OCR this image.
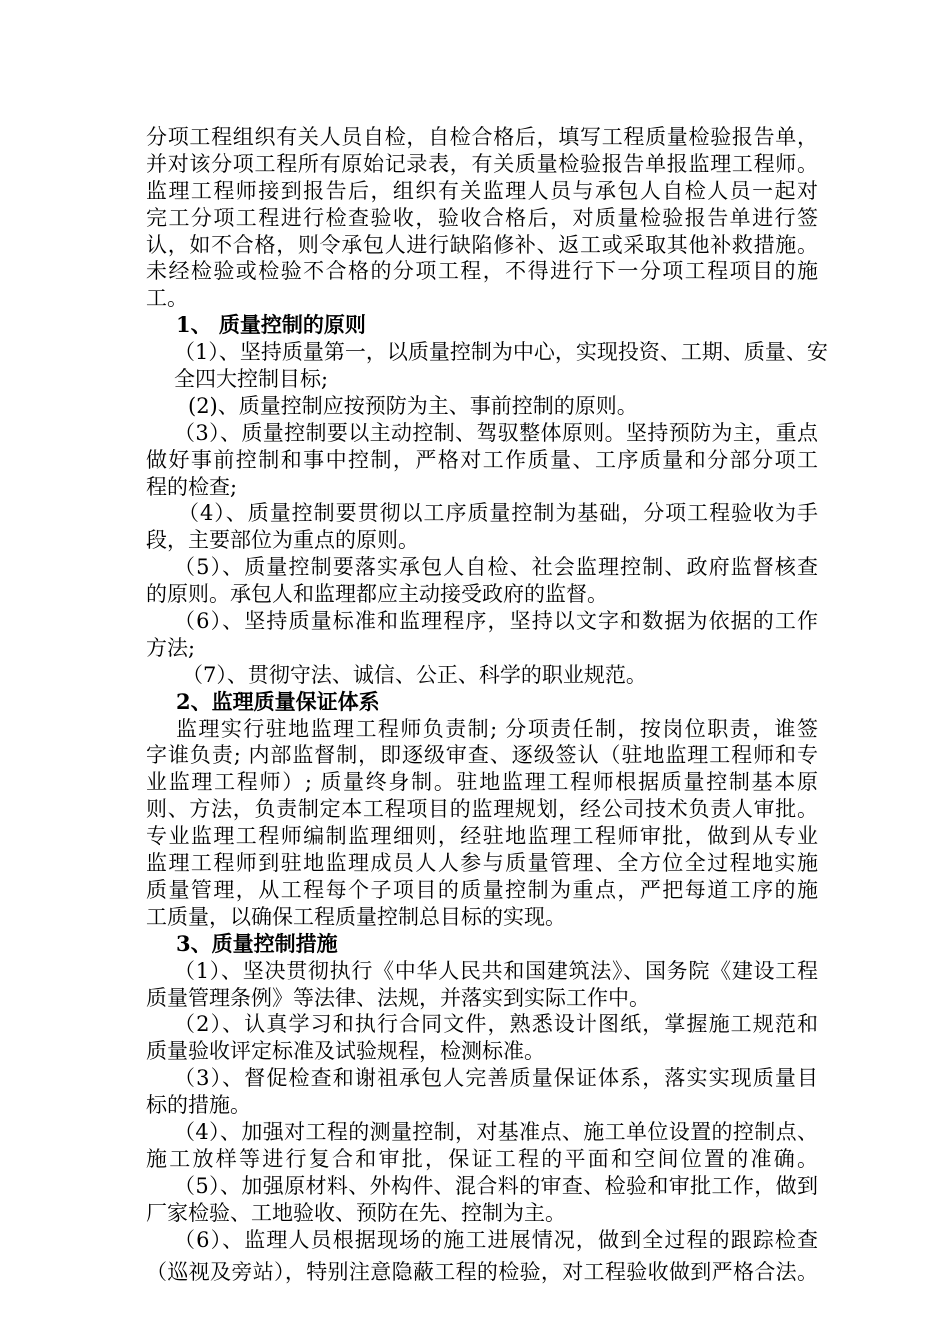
分项工程组织有关人员自检，自检合格后，填写工程质量检验报告单，
并对该分项工程所有原始记录表，有关质量检验报告单报监理工程师。
监理工程师接到报告后，组织有关监理人员与承包人自检人员一起对
完工分项工程进行检查验收，验收合格后，对质量检验报告单进行签
认，如不合格，则令承包人进行缺陷修补、返工或采取其他补救措施。
未经检验或检验不合格的分项工程，不得进行下一分项工程项目的施
工。
1、 质量控制的原则
（1）、坚持质量第一，以质量控制为中心，实现投资、工期、质量、安
全四大控制目标;
(2)、质量控制应按预防为主、事前控制的原则。
（3）、质量控制要以主动控制、驾驭整体原则。坚持预防为主，重点
做好事前控制和事中控制，严格对工作质量、工序质量和分部分项工
程的检查;
（4）、质量控制要贯彻以工序质量控制为基础，分项工程验收为手
段，主要部位为重点的原则。
（5）、质量控制要落实承包人自检、社会监理控制、政府监督核查
的原则。承包人和监理都应主动接受政府的监督。
（6）、坚持质量标准和监理程序，坚持以文字和数据为依据的工作
方法;
（7）、贯彻守法、诚信、公正、科学的职业规范。
2、监理质量保证体系
监理实行驻地监理工程师负责制; 分项责任制，按岗位职责，谁签
字谁负责; 内部监督制，即逐级审查、逐级签认（驻地监理工程师和专
业监理工程师）; 质量终身制。驻地监理工程师根据质量控制基本原
则、方法，负责制定本工程项目的监理规划，经公司技术负责人审批。
专业监理工程师编制监理细则，经驻地监理工程师审批，做到从专业
监理工程师到驻地监理成员人人参与质量管理、全方位全过程地实施
质量管理，从工程每个子项目的质量控制为重点，严把每道工序的施
工质量，以确保工程质量控制总目标的实现。
3、质量控制措施
（1）、坚决贯彻执行《中华人民共和国建筑法》、国务院《建设工程
质量管理条例》等法律、法规，并落实到实际工作中。
（2）、认真学习和执行合同文件，熟悉设计图纸，掌握施工规范和
质量验收评定标准及试验规程，检测标准。
（3）、督促检查和谢祖承包人完善质量保证体系，落实实现质量目
标的措施。
（4）、加强对工程的测量控制，对基准点、施工单位设置的控制点、
施工放样等进行复合和审批，保证工程的平面和空间位置的准确。
（5）、加强原材料、外构件、混合料的审查、检验和审批工作，做到
厂家检验、工地验收、预防在先、控制为主。
（6）、监理人员根据现场的施工进展情况，做到全过程的跟踪检查
（巡视及旁站），特别注意隐蔽工程的检验，对工程验收做到严格合法。
